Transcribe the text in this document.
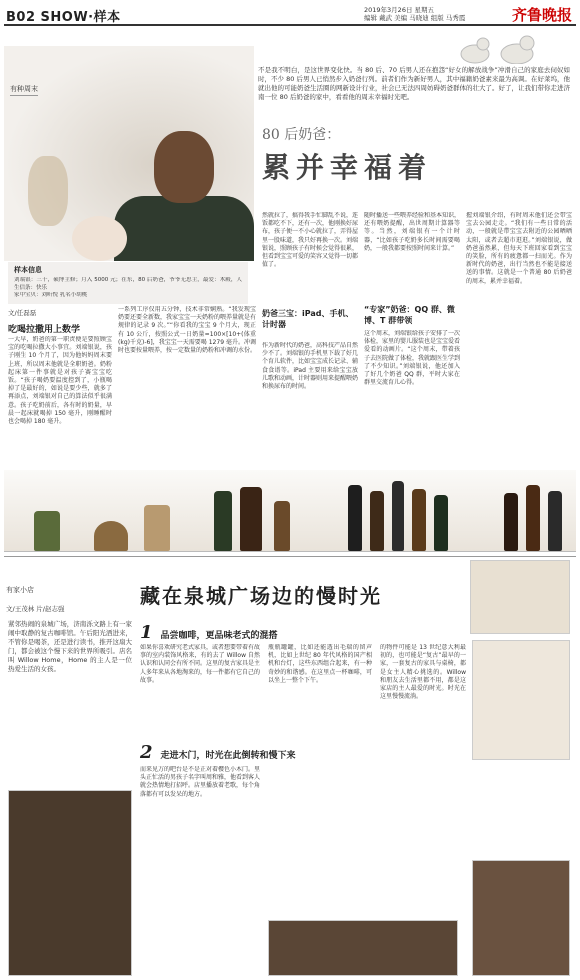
B02 SHOW·样本	2019年3月26日 星期五
编辑 戴武 美编 马晓迪 组版 马秀霞	齐鲁晚报
有种周末
不是我不明白，是这世界变化快。当 80 后、70 后男人还在抱怨“好女的解放战争”冲滑自己的家庭去伺奴如时，不少 80 后男人已悄然步入奶爸行列。前者们作为新好男人，其中福籍奶爸素来最为高调。在好莱坞，他就出他的可能奶爸生活圈的网新设计行业，社会已无法四周妨碍奶爸群体的壮大了。好了，让我们带你走进济南一位 80 后奶爸的家中，看看他的周末幸福时光吧。
80 后奶爸：
累并幸福着
样本信息
刘端银：三十，硕博主修；月入 5000 元；在东，80 后奶爸，爷爷无思主，最爱：木殿，人生信条：快乐
家中宝贝：刘昕悦 乳名小胡桃
文/任磊磊
吃喝拉撒用上数学
一大早，奶爸的第一职责便是要照顾宝宝的吃喝拉撒大小事宜。刘端银说，孩子刚生 10 个月了，因为他妈妈周末要上班，所以周末他就是全职奶爸。奶粉起床第一件事就是对孩子赛宝宝吃饭。“孩子喝奶要温度控到了，小瓶喝掉了是最好的，如说是要少些，就多了再添点，刘端银对自己的算法似乎很满意。孩子吃奶前后，各有时的奶量，早晨一起床就喝掉 150 毫升，刚睡醒时也会喝掉 180 毫升。
一系列工序仅用五分钟，技术非常娴熟。“我发现宝奶要还要全新数，我家宝宝一天奶粉的喂养量就是有规律的记录 9 次。”“你看我的宝宝 9 个月大，现正有 10 公斤，按照公式一日奶量=100×[10+(体重(kg)千克)-6]，我宝宝一天需要喝 1279 毫升。冲调时也要按量喂养，按一定数量的奶粉和冲调的水份。
然就拉了，搞得我手忙脚乱不说，连饭都吃不下，还有一次，他刚换好尿布，孩子便一不小心就拉了，弄得屋里一股味道，我只好再换一次。刘端银说，照顾孩子有时候会觉得很累，但看到宝宝可爱的笑容又觉得一切都值了。
奶爸三宝：iPad、手机、计时器
作为新时代的奶爸，高科技产品自然少不了。刘端银的手机里下载了好几个育儿软件，比如宝宝成长记录、辅食食谱等。iPad 主要用来给宝宝放儿歌和动画，计时器则用来提醒喂奶和换尿布的时间。
随时播送一些喂养经验和基本知识，还有喂奶提醒，出世周期计算器等等。当然，刘端银有一个计时器，“比如孩子吃奶多长时间需要喝奶，一般我都要按照时间来计算。”
“专家”奶爸：QQ 群、微博、T 群带领
这个周末，刘端银给孩子安排了一次体检，家里的婴儿服装也是宝宝爱看爱看的动画片。“这个周末，带着孩子去医院做了体检，我就跟医生学到了不少知识。”刘端银说，他还加入了好几个奶爸 QQ 群，平时大家在群里交流育儿心得。
握刘端银介绍，有时周末他们还会带宝宝去公园走走。“我们有一些日常的活动，一般就是带宝宝去附近的公园晒晒太阳，或者去超市逛逛。”刘端银说，做奶爸虽然累，但每天下班回家看到宝宝的笑脸，所有的疲惫都一扫而光。作为新时代的奶爸，出行当然也不能是接送送的事情。这就是一个普通 80 后奶爸的周末，累并幸福着。
有家小店
文/王茂林 片/赵志强
藏在泉城广场边的慢时光
紧邻热闹的泉城广场，济南泺文路上有一家闹中取静的复古咖啡馆。午后阳光洒进来，不管你是喝茶，还是进行读书，推开这扇大门，都会被这个慢下来的世界所吸引。店名叫 Willow Home，Home 的主人是一位热爱生活的女孩。
1 品尝咖啡，更品味老式的混搭
如果你喜欢研究老式家具，或者想要带着有故事的室内装饰风格来，有的去了 Willow 自然认识和认同会有所不同。这里的复古家具是主人多年来从各地淘来的，每一件都有它自己的故事。
2 走进木门，时光在此倒转和慢下来
而来见万的吧台是不是正对着樱色小木门。里头正忙活的男孩子名字叫周和雅，他看到客人就会热情地打招呼。店里播放着老歌，每个角落都有可以发呆的地方。
瓶瓶罐罐，比如还能透出毛瑞的留声机，比如上世纪 80 年代风格的国产相机和台灯，这些东西组合起来，有一种奇妙的和谐感。在这里点一杯咖啡，可以坐上一整个下午。
的物件可能是 13 世纪意大利最初的，也可能是“复古”最早的一家，一套复古的家具与桌椅，都是女主人精心挑选的。Willow 和朋友去生活里都不用，都是这家店的主人最爱的时光。时光在这里慢慢流淌。
